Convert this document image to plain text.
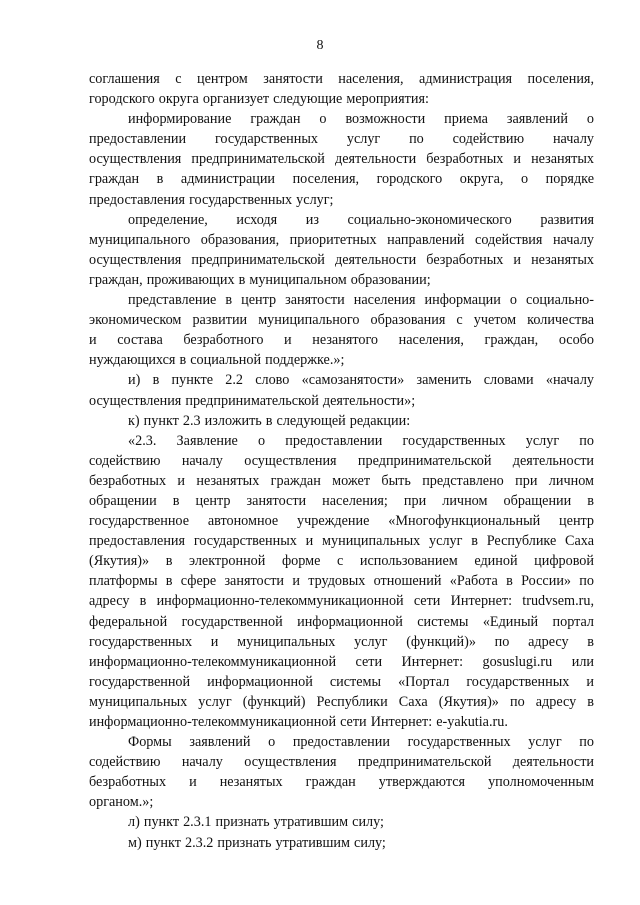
8
соглашения с центром занятости населения, администрация поселения,
городского округа организует следующие мероприятия:
информирование граждан о возможности приема заявлений о
предоставлении государственных услуг по содействию началу
осуществления предпринимательской деятельности безработных и незанятых
граждан в администрации поселения, городского округа, о порядке
предоставления государственных услуг;
определение, исходя из социально-экономического развития
муниципального образования, приоритетных направлений содействия началу
осуществления предпринимательской деятельности безработных и незанятых
граждан, проживающих в муниципальном образовании;
представление в центр занятости населения информации о социально-
экономическом развитии муниципального образования с учетом количества
и состава безработного и незанятого населения, граждан, особо
нуждающихся в социальной поддержке.»;
и) в пункте 2.2 слово «самозанятости» заменить словами «началу
осуществления предпринимательской деятельности»;
к) пункт 2.3 изложить в следующей редакции:
«2.3. Заявление о предоставлении государственных услуг по
содействию началу осуществления предпринимательской деятельности
безработных и незанятых граждан может быть представлено при личном
обращении в центр занятости населения; при личном обращении в
государственное автономное учреждение «Многофункциональный центр
предоставления государственных и муниципальных услуг в Республике Саха
(Якутия)» в электронной форме с использованием единой цифровой
платформы в сфере занятости и трудовых отношений «Работа в России» по
адресу в информационно-телекоммуникационной сети Интернет: trudvsem.ru,
федеральной государственной информационной системы «Единый портал
государственных и муниципальных услуг (функций)» по адресу в
информационно-телекоммуникационной сети Интернет: gosuslugi.ru или
государственной информационной системы «Портал государственных и
муниципальных услуг (функций) Республики Саха (Якутия)» по адресу в
информационно-телекоммуникационной сети Интернет: e-yakutia.ru.
Формы заявлений о предоставлении государственных услуг по
содействию началу осуществления предпринимательской деятельности
безработных и незанятых граждан утверждаются уполномоченным
органом.»;
л) пункт 2.3.1 признать утратившим силу;
м) пункт 2.3.2 признать утратившим силу;
